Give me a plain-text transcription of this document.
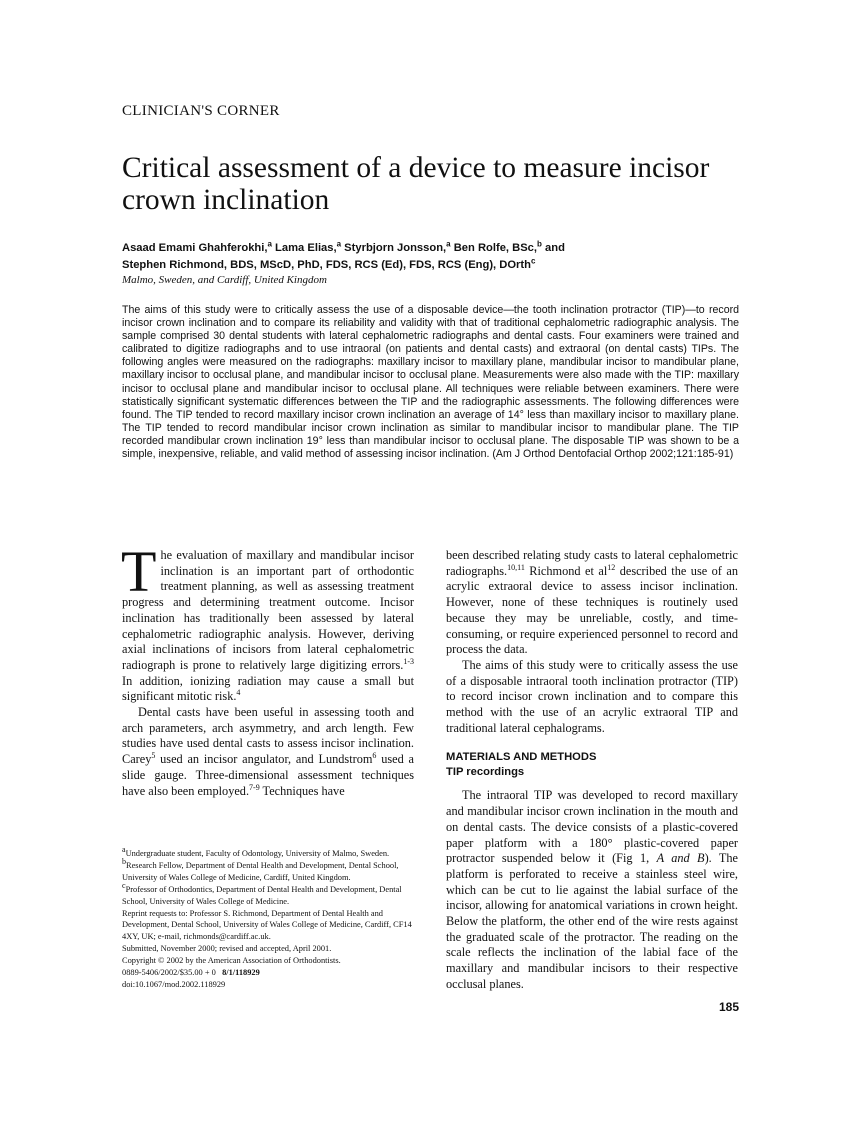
CLINICIAN'S CORNER
Critical assessment of a device to measure incisor crown inclination
Asaad Emami Ghahferokhi,$^a$ Lama Elias,$^a$ Styrbjorn Jonsson,$^a$ Ben Rolfe, BSc,$^b$ and
Stephen Richmond, BDS, MScD, PhD, FDS, RCS (Ed), FDS, RCS (Eng), DOrth$^c$
Malmo, Sweden, and Cardiff, United Kingdom
The aims of this study were to critically assess the use of a disposable device—the tooth inclination protractor (TIP)—to record incisor crown inclination and to compare its reliability and validity with that of traditional cephalometric radiographic analysis. The sample comprised 30 dental students with lateral cephalometric radiographs and dental casts. Four examiners were trained and calibrated to digitize radiographs and to use intraoral (on patients and dental casts) and extraoral (on dental casts) TIPs. The following angles were measured on the radiographs: maxillary incisor to maxillary plane, mandibular incisor to mandibular plane, maxillary incisor to occlusal plane, and mandibular incisor to occlusal plane. Measurements were also made with the TIP: maxillary incisor to occlusal plane and mandibular incisor to occlusal plane. All techniques were reliable between examiners. There were statistically significant systematic differences between the TIP and the radiographic assessments. The following differences were found. The TIP tended to record maxillary incisor crown inclination an average of 14° less than maxillary incisor to maxillary plane. The TIP tended to record mandibular incisor crown inclination as similar to mandibular incisor to mandibular plane. The TIP recorded mandibular crown inclination 19° less than mandibular incisor to occlusal plane. The disposable TIP was shown to be a simple, inexpensive, reliable, and valid method of assessing incisor inclination. (Am J Orthod Dentofacial Orthop 2002;121:185-91)

The evaluation of maxillary and mandibular incisor inclination is an important part of orthodontic treatment planning, as well as assessing treatment progress and determining treatment outcome. Incisor inclination has traditionally been assessed by lateral cephalometric radiographic analysis. However, deriving axial inclinations of incisors from lateral cephalometric radiograph is prone to relatively large digitizing errors.$^{1-3}$ In addition, ionizing radiation may cause a small but significant mitotic risk.$^4$

Dental casts have been useful in assessing tooth and arch parameters, arch asymmetry, and arch length. Few studies have used dental casts to assess incisor inclination. Carey$^5$ used an incisor angulator, and Lundstrom$^6$ used a slide gauge. Three-dimensional assessment techniques have also been employed.$^{7-9}$ Techniques have

been described relating study casts to lateral cephalometric radiographs.$^{10,11}$ Richmond et $al^{12}$ described the use of an acrylic extraoral device to assess incisor inclination. However, none of these techniques is routinely used because they may be unreliable, costly, and time-consuming, or require experienced personnel to record and process the data.

The aims of this study were to critically assess the use of a disposable intraoral tooth inclination protractor (TIP) to record incisor crown inclination and to compare this method with the use of an acrylic extraoral TIP and traditional lateral cephalograms.

MATERIALS AND METHODS
TIP recordings

The intraoral TIP was developed to record maxillary and mandibular incisor crown inclination in the mouth and on dental casts. The device consists of a plastic-covered paper platform with a 180° plastic-covered paper protractor suspended below it (Fig 1, A and B). The platform is perforated to receive a stainless steel wire, which can be cut to lie against the labial surface of the incisor, allowing for anatomical variations in crown height. Below the platform, the other end of the wire rests against the graduated scale of the protractor. The reading on the scale reflects the inclination of the labial face of the maxillary and mandibular incisors to their respective occlusal planes.

$^a$Undergraduate student, Faculty of Odontology, University of Malmo, Sweden.
$^b$Research Fellow, Department of Dental Health and Development, Dental School, University of Wales College of Medicine, Cardiff, United Kingdom.
$^c$Professor of Orthodontics, Department of Dental Health and Development, Dental School, University of Wales College of Medicine.
Reprint requests to: Professor S. Richmond, Department of Dental Health and Development, Dental School, University of Wales College of Medicine, Cardiff, CF14 4XY, UK; e-mail, richmonds@cardiff.ac.uk.
Submitted, November 2000; revised and accepted, April 2001.
Copyright © 2002 by the American Association of Orthodontists.
0889-5406/2002/$35.00 + 0 8/1/118929
doi:10.1067/mod.2002.118929
185
